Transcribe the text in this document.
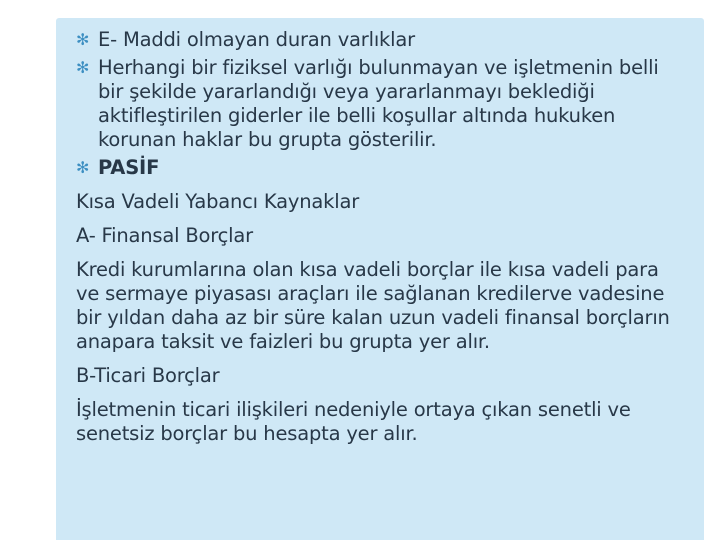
✻ E- Maddi olmayan duran varlıklar
✻ Herhangi bir fiziksel varlığı bulunmayan ve işletmenin belli bir şekilde yararlandığı veya yararlanmayı beklediği aktifleştirilen giderler ile belli koşullar altında hukuken korunan haklar bu grupta gösterilir.
✻ PASİF
Kısa Vadeli Yabancı Kaynaklar
A- Finansal Borçlar
Kredi kurumlarına olan kısa vadeli borçlar ile kısa vadeli para ve sermaye piyasası araçları ile sağlanan kredilerve vadesine bir yıldan daha az bir süre kalan uzun vadeli finansal borçların anapara taksit ve faizleri bu grupta yer alır.
B-Ticari Borçlar
İşletmenin ticari ilişkileri nedeniyle ortaya çıkan senetli ve senetsiz borçlar bu hesapta yer alır.
